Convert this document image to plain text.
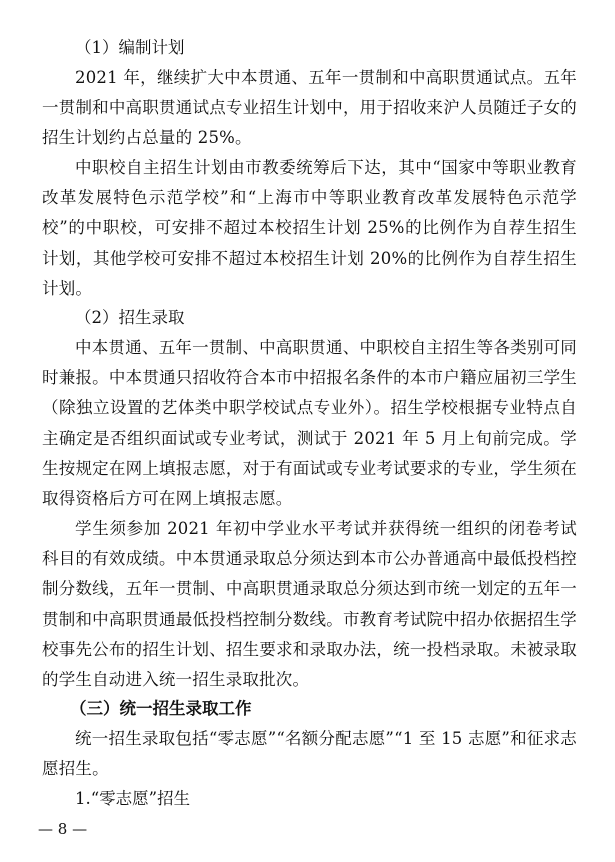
（1）编制计划

2021 年，继续扩大中本贯通、五年一贯制和中高职贯通试点。五年一贯制和中高职贯通试点专业招生计划中，用于招收来沪人员随迁子女的招生计划约占总量的 25%。

中职校自主招生计划由市教委统筹后下达，其中“国家中等职业教育改革发展特色示范学校”和“上海市中等职业教育改革发展特色示范学校”的中职校，可安排不超过本校招生计划 25%的比例作为自荐生招生计划，其他学校可安排不超过本校招生计划 20%的比例作为自荐生招生计划。

（2）招生录取

中本贯通、五年一贯制、中高职贯通、中职校自主招生等各类别可同时兼报。中本贯通只招收符合本市中招报名条件的本市户籍应届初三学生（除独立设置的艺体类中职学校试点专业外）。招生学校根据专业特点自主确定是否组织面试或专业考试，测试于 2021 年 5 月上旬前完成。学生按规定在网上填报志愿，对于有面试或专业考试要求的专业，学生须在取得资格后方可在网上填报志愿。

学生须参加 2021 年初中学业水平考试并获得统一组织的闭卷考试科目的有效成绩。中本贯通录取总分须达到本市公办普通高中最低投档控制分数线，五年一贯制、中高职贯通录取总分须达到市统一划定的五年一贯制和中高职贯通最低投档控制分数线。市教育考试院中招办依据招生学校事先公布的招生计划、招生要求和录取办法，统一投档录取。未被录取的学生自动进入统一招生录取批次。

（三）统一招生录取工作

统一招生录取包括“零志愿”“名额分配志愿”“1 至 15 志愿”和征求志愿招生。

1.“零志愿”招生

— 8 —
